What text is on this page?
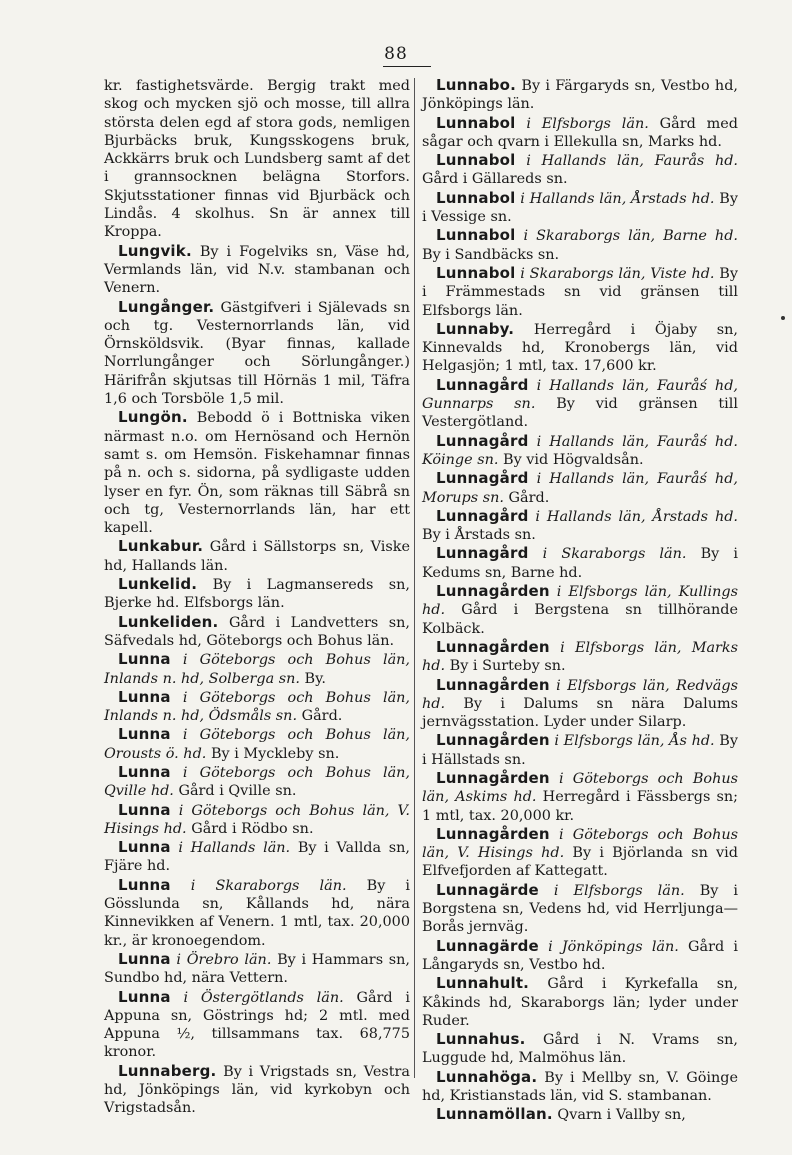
88

kr. fastighetsvärde. Bergig trakt med skog och mycken sjö och mosse, till allra största delen egd af stora gods, nemligen Bjurbäcks bruk, Kungsskogens bruk, Ackkärrs bruk och Lundsberg samt af det i grannsocknen belägna Storfors. Skjutsstationer finnas vid Bjurbäck och Lindås. 4 skolhus. Sn är annex till Kroppa.

Lungvik. By i Fogelviks sn, Väse hd, Vermlands län, vid N.v. stambanan och Venern.

Lungånger. Gästgifveri i Själevads sn och tg. Vesternorrlands län, vid Örnsköldsvik. (Byar finnas, kallade Norrlungånger och Sörlungånger.) Härifrån skjutsas till Hörnäs 1 mil, Täfra 1,6 och Torsböle 1,5 mil.

Lungön. Bebodd ö i Bottniska viken närmast n.o. om Hernösand och Hernön samt s. om Hemsön. Fiskehamnar finnas på n. och s. sidorna, på sydligaste udden lyser en fyr. Ön, som räknas till Säbrå sn och tg, Vesternorrlands län, har ett kapell.

Lunkabur. Gård i Sällstorps sn, Viske hd, Hallands län.

Lunkelid. By i Lagmansereds sn, Bjerke hd. Elfsborgs län.

Lunkeliden. Gård i Landvetters sn, Säfvedals hd, Göteborgs och Bohus län.

Lunna i Göteborgs och Bohus län, Inlands n. hd, Solberga sn. By.

Lunna i Göteborgs och Bohus län, Inlands n. hd, Ödsmåls sn. Gård.

Lunna i Göteborgs och Bohus län, Orousts ö. hd. By i Myckleby sn.

Lunna i Göteborgs och Bohus län, Qville hd. Gård i Qville sn.

Lunna i Göteborgs och Bohus län, V. Hisings hd. Gård i Rödbo sn.

Lunna i Hallands län. By i Valldа sn, Fjäre hd.

Lunna i Skaraborgs län. By i Gösslunda sn, Kållands hd, nära Kinnevikken af Venern. 1 mtl, tax. 20,000 kr., är kronoegendom.

Lunna i Örebro län. By i Hammars sn, Sundbo hd, nära Vettern.

Lunna i Östergötlands län. Gård i Appuna sn, Göstrings hd; 2 mtl. med Appuna ½, tillsammans tax. 68,775 kronor.

Lunnaberg. By i Vrigstads sn, Vestra hd, Jönköpings län, vid kyrkobyn och Vrigstadsån.

Lunnabo. By i Färgaryds sn, Vestbo hd, Jönköpings län.

Lunnabol i Elfsborgs län. Gård med sågar och qvarn i Ellekulla sn, Marks hd.

Lunnabol i Hallands län, Faurås hd. Gård i Gällareds sn.

Lunnabol i Hallands län, Årstads hd. By i Vessige sn.

Lunnabol i Skaraborgs län, Barne hd. By i Sandbäcks sn.

Lunnabol i Skaraborgs län, Viste hd. By i Främmestads sn vid gränsen till Elfsborgs län.

Lunnaby. Herregård i Öjaby sn, Kinnevalds hd, Kronobergs län, vid Helgasjön; 1 mtl, tax. 17,600 kr.

Lunnagård i Hallands län, Fauråś hd, Gunnarps sn. By vid gränsen till Vestergötland.

Lunnagård i Hallands län, Fauråś hd. Köinge sn. By vid Högvaldsån.

Lunnagård i Hallands län, Fauråś hd, Morups sn. Gård.

Lunnagård i Hallands län, Årstads hd. By i Årstads sn.

Lunnagård i Skaraborgs län. By i Kedums sn, Barne hd.

Lunnagården i Elfsborgs län, Kullings hd. Gård i Bergstena sn tillhörande Kolbäck.

Lunnagården i Elfsborgs län, Marks hd. By i Surteby sn.

Lunnagården i Elfsborgs län, Redvägs hd. By i Dalums sn nära Dalums jernvägsstation. Lyder under Silarp.

Lunnagården i Elfsborgs län, Ås hd. By i Hällstads sn.

Lunnagården i Göteborgs och Bohus län, Askims hd. Herregård i Fässbergs sn; 1 mtl, tax. 20,000 kr.

Lunnagården i Göteborgs och Bohus län, V. Hisings hd. By i Björlanda sn vid Elfvefjorden af Kattegatt.

Lunnagärde i Elfsborgs län. By i Borgstena sn, Vedens hd, vid Herrljunga—Borås jernväg.

Lunnagärde i Jönköpings län. Gård i Långaryds sn, Vestbo hd.

Lunnahult. Gård i Kyrkefalla sn, Kåkinds hd, Skaraborgs län; lyder under Ruder.

Lunnahus. Gård i N. Vrams sn, Luggude hd, Malmöhus län.

Lunnahöga. By i Mellby sn, V. Göinge hd, Kristianstads län, vid S. stambanan.

Lunnamöllan. Qvarn i Vallby sn,
